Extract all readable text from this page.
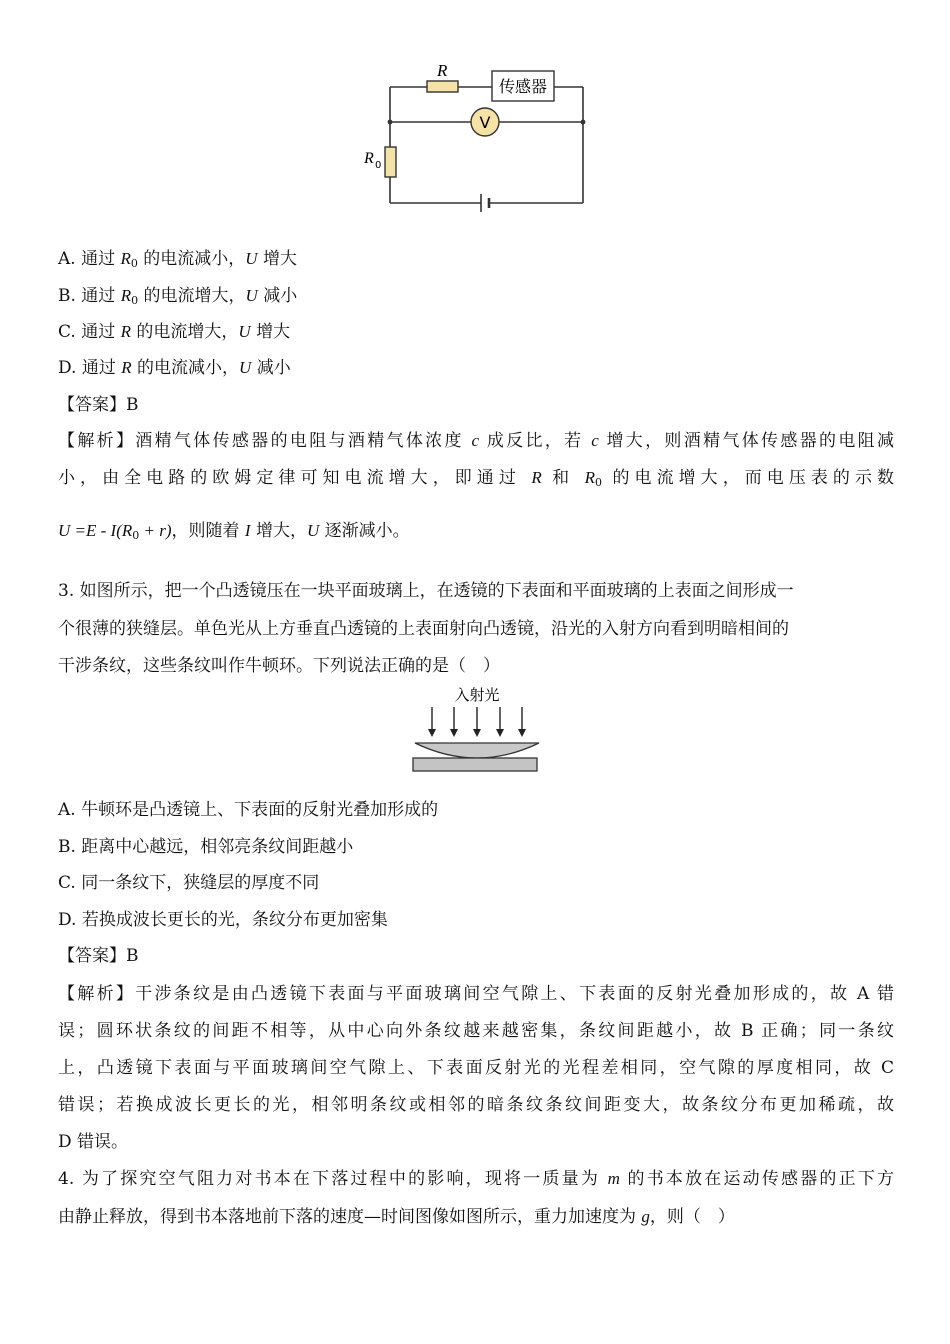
R
传感器
V
R 0
A. 通过 $R_0$ 的电流减小，U 增大
B. 通过 $R_0$ 的电流增大，U 减小
C. 通过 R 的电流增大，U 增大
D. 通过 R 的电流减小，U 减小
【答案】B
【解析】酒精气体传感器的电阻与酒精气体浓度 c 成反比，若 c 增大，则酒精气体传感器的电阻减
小，由全电路的欧姆定律可知电流增大，即通过 R 和 $R_0$ 的电流增大，而电压表的示数
$U =E - I(R_0 + r)$，则随着 I 增大，U 逐渐减小。
3. 如图所示，把一个凸透镜压在一块平面玻璃上，在透镜的下表面和平面玻璃的上表面之间形成一
个很薄的狭缝层。单色光从上方垂直凸透镜的上表面射向凸透镜，沿光的入射方向看到明暗相间的
干涉条纹，这些条纹叫作牛顿环。下列说法正确的是（　）
入射光
A. 牛顿环是凸透镜上、下表面的反射光叠加形成的
B. 距离中心越远，相邻亮条纹间距越小
C. 同一条纹下，狭缝层的厚度不同
D. 若换成波长更长的光，条纹分布更加密集
【答案】B
【解析】干涉条纹是由凸透镜下表面与平面玻璃间空气隙上、下表面的反射光叠加形成的，故 A 错
误；圆环状条纹的间距不相等，从中心向外条纹越来越密集，条纹间距越小，故 B 正确；同一条纹
上，凸透镜下表面与平面玻璃间空气隙上、下表面反射光的光程差相同，空气隙的厚度相同，故 C
错误；若换成波长更长的光，相邻明条纹或相邻的暗条纹条纹间距变大，故条纹分布更加稀疏，故
D 错误。
4. 为了探究空气阻力对书本在下落过程中的影响，现将一质量为 m 的书本放在运动传感器的正下方
由静止释放，得到书本落地前下落的速度—时间图像如图所示，重力加速度为 g，则（　）
